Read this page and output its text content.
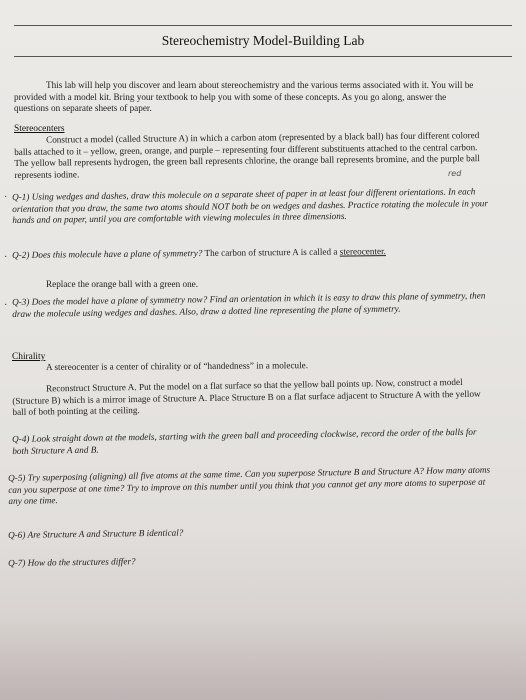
Stereochemistry Model-Building Lab
This lab will help you discover and learn about stereochemistry and the various terms associated with it. You will be provided with a model kit. Bring your textbook to help you with some of these concepts. As you go along, answer the questions on separate sheets of paper.
Stereocenters
Construct a model (called Structure A) in which a carbon atom (represented by a black ball) has four different colored balls attached to it – yellow, green, orange, and purple – representing four different substituents attached to the central carbon. The yellow ball represents hydrogen, the green ball represents chlorine, the orange ball represents bromine, and the purple ball represents iodine.	red
· Q-1) Using wedges and dashes, draw this molecule on a separate sheet of paper in at least four different orientations. In each orientation that you draw, the same two atoms should NOT both be on wedges and dashes. Practice rotating the molecule in your hands and on paper, until you are comfortable with viewing molecules in three dimensions.
· Q-2) Does this molecule have a plane of symmetry? The carbon of structure A is called a stereocenter.
Replace the orange ball with a green one.
· Q-3) Does the model have a plane of symmetry now? Find an orientation in which it is easy to draw this plane of symmetry, then draw the molecule using wedges and dashes. Also, draw a dotted line representing the plane of symmetry.
Chirality
A stereocenter is a center of chirality or of “handedness” in a molecule.
Reconstruct Structure A. Put the model on a flat surface so that the yellow ball points up. Now, construct a model (Structure B) which is a mirror image of Structure A. Place Structure B on a flat surface adjacent to Structure A with the yellow ball of both pointing at the ceiling.
Q-4) Look straight down at the models, starting with the green ball and proceeding clockwise, record the order of the balls for both Structure A and B.
Q-5) Try superposing (aligning) all five atoms at the same time. Can you superpose Structure B and Structure A? How many atoms can you superpose at one time? Try to improve on this number until you think that you cannot get any more atoms to superpose at any one time.
Q-6) Are Structure A and Structure B identical?
Q-7) How do the structures differ?
